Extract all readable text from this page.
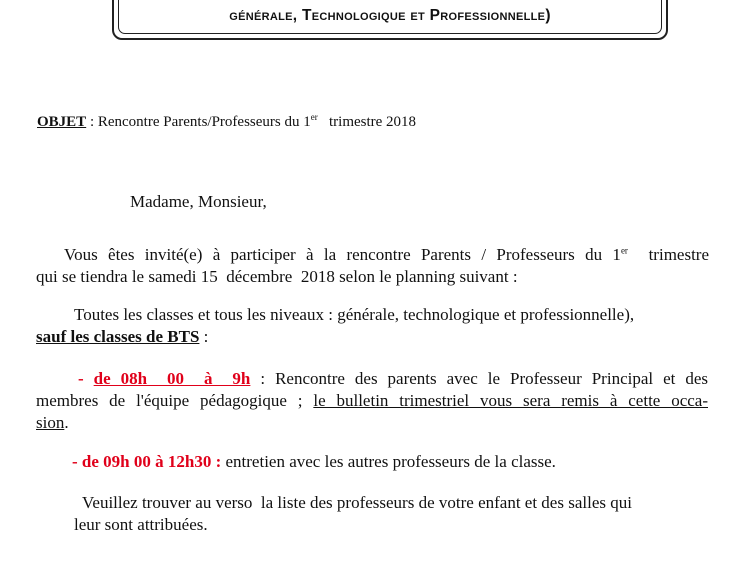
générale, Technologique et Professionnelle)
OBJET : Rencontre Parents/Professeurs du 1er   trimestre 2018
Madame, Monsieur,
Vous êtes invité(e) à participer à la rencontre Parents / Professeurs du 1er  trimestre
qui se tiendra le samedi 15  décembre  2018 selon le planning suivant :
Toutes les classes et tous les niveaux : générale, technologique et professionnelle),
sauf les classes de BTS :
- de 08h  00  à  9h : Rencontre des parents avec le Professeur Principal et des
membres de l'équipe pédagogique ; le bulletin trimestriel vous sera remis à cette occa-
sion.
- de 09h 00 à 12h30 : entretien avec les autres professeurs de la classe.
Veuillez trouver au verso  la liste des professeurs de votre enfant et des salles qui
leur sont attribuées.
